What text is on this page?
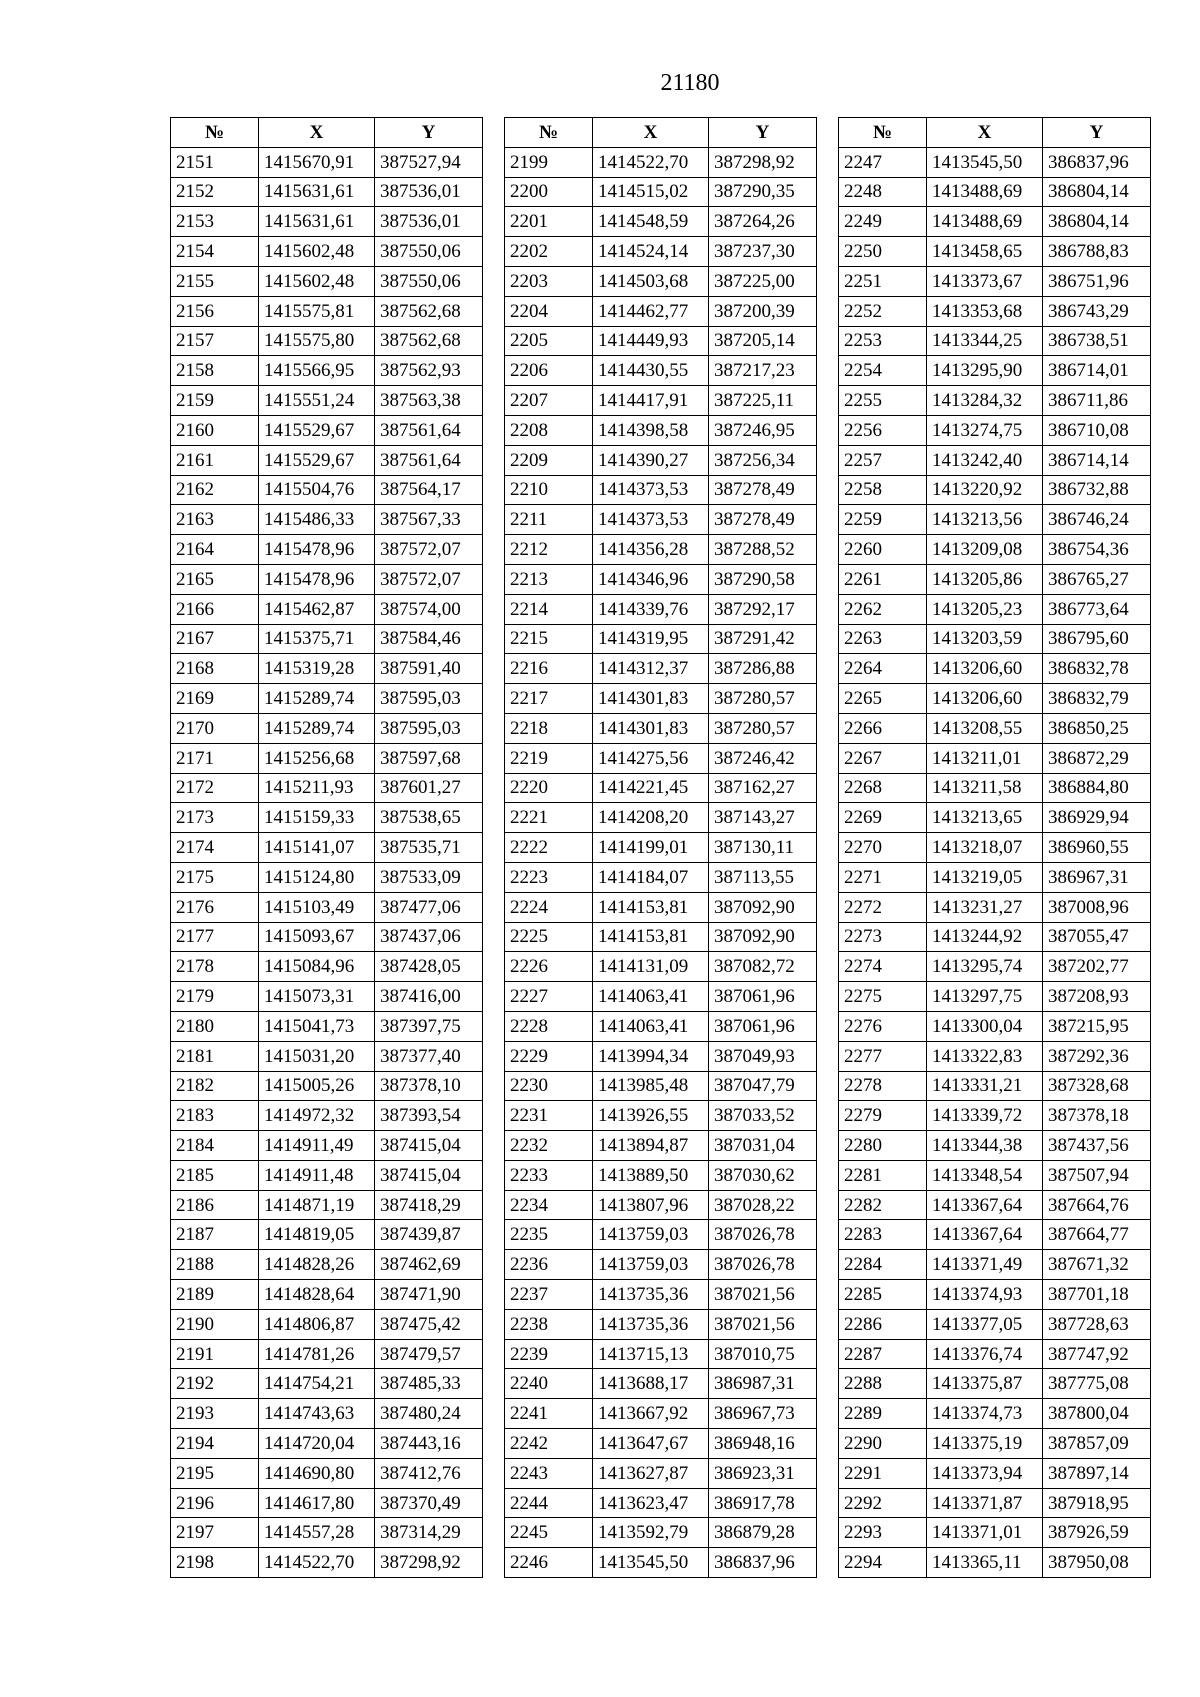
21180
№	X	Y
2151	1415670,91	387527,94
2152	1415631,61	387536,01
2153	1415631,61	387536,01
2154	1415602,48	387550,06
2155	1415602,48	387550,06
2156	1415575,81	387562,68
2157	1415575,80	387562,68
2158	1415566,95	387562,93
2159	1415551,24	387563,38
2160	1415529,67	387561,64
2161	1415529,67	387561,64
2162	1415504,76	387564,17
2163	1415486,33	387567,33
2164	1415478,96	387572,07
2165	1415478,96	387572,07
2166	1415462,87	387574,00
2167	1415375,71	387584,46
2168	1415319,28	387591,40
2169	1415289,74	387595,03
2170	1415289,74	387595,03
2171	1415256,68	387597,68
2172	1415211,93	387601,27
2173	1415159,33	387538,65
2174	1415141,07	387535,71
2175	1415124,80	387533,09
2176	1415103,49	387477,06
2177	1415093,67	387437,06
2178	1415084,96	387428,05
2179	1415073,31	387416,00
2180	1415041,73	387397,75
2181	1415031,20	387377,40
2182	1415005,26	387378,10
2183	1414972,32	387393,54
2184	1414911,49	387415,04
2185	1414911,48	387415,04
2186	1414871,19	387418,29
2187	1414819,05	387439,87
2188	1414828,26	387462,69
2189	1414828,64	387471,90
2190	1414806,87	387475,42
2191	1414781,26	387479,57
2192	1414754,21	387485,33
2193	1414743,63	387480,24
2194	1414720,04	387443,16
2195	1414690,80	387412,76
2196	1414617,80	387370,49
2197	1414557,28	387314,29
2198	1414522,70	387298,92
№	X	Y
2199	1414522,70	387298,92
2200	1414515,02	387290,35
2201	1414548,59	387264,26
2202	1414524,14	387237,30
2203	1414503,68	387225,00
2204	1414462,77	387200,39
2205	1414449,93	387205,14
2206	1414430,55	387217,23
2207	1414417,91	387225,11
2208	1414398,58	387246,95
2209	1414390,27	387256,34
2210	1414373,53	387278,49
2211	1414373,53	387278,49
2212	1414356,28	387288,52
2213	1414346,96	387290,58
2214	1414339,76	387292,17
2215	1414319,95	387291,42
2216	1414312,37	387286,88
2217	1414301,83	387280,57
2218	1414301,83	387280,57
2219	1414275,56	387246,42
2220	1414221,45	387162,27
2221	1414208,20	387143,27
2222	1414199,01	387130,11
2223	1414184,07	387113,55
2224	1414153,81	387092,90
2225	1414153,81	387092,90
2226	1414131,09	387082,72
2227	1414063,41	387061,96
2228	1414063,41	387061,96
2229	1413994,34	387049,93
2230	1413985,48	387047,79
2231	1413926,55	387033,52
2232	1413894,87	387031,04
2233	1413889,50	387030,62
2234	1413807,96	387028,22
2235	1413759,03	387026,78
2236	1413759,03	387026,78
2237	1413735,36	387021,56
2238	1413735,36	387021,56
2239	1413715,13	387010,75
2240	1413688,17	386987,31
2241	1413667,92	386967,73
2242	1413647,67	386948,16
2243	1413627,87	386923,31
2244	1413623,47	386917,78
2245	1413592,79	386879,28
2246	1413545,50	386837,96
№	X	Y
2247	1413545,50	386837,96
2248	1413488,69	386804,14
2249	1413488,69	386804,14
2250	1413458,65	386788,83
2251	1413373,67	386751,96
2252	1413353,68	386743,29
2253	1413344,25	386738,51
2254	1413295,90	386714,01
2255	1413284,32	386711,86
2256	1413274,75	386710,08
2257	1413242,40	386714,14
2258	1413220,92	386732,88
2259	1413213,56	386746,24
2260	1413209,08	386754,36
2261	1413205,86	386765,27
2262	1413205,23	386773,64
2263	1413203,59	386795,60
2264	1413206,60	386832,78
2265	1413206,60	386832,79
2266	1413208,55	386850,25
2267	1413211,01	386872,29
2268	1413211,58	386884,80
2269	1413213,65	386929,94
2270	1413218,07	386960,55
2271	1413219,05	386967,31
2272	1413231,27	387008,96
2273	1413244,92	387055,47
2274	1413295,74	387202,77
2275	1413297,75	387208,93
2276	1413300,04	387215,95
2277	1413322,83	387292,36
2278	1413331,21	387328,68
2279	1413339,72	387378,18
2280	1413344,38	387437,56
2281	1413348,54	387507,94
2282	1413367,64	387664,76
2283	1413367,64	387664,77
2284	1413371,49	387671,32
2285	1413374,93	387701,18
2286	1413377,05	387728,63
2287	1413376,74	387747,92
2288	1413375,87	387775,08
2289	1413374,73	387800,04
2290	1413375,19	387857,09
2291	1413373,94	387897,14
2292	1413371,87	387918,95
2293	1413371,01	387926,59
2294	1413365,11	387950,08
